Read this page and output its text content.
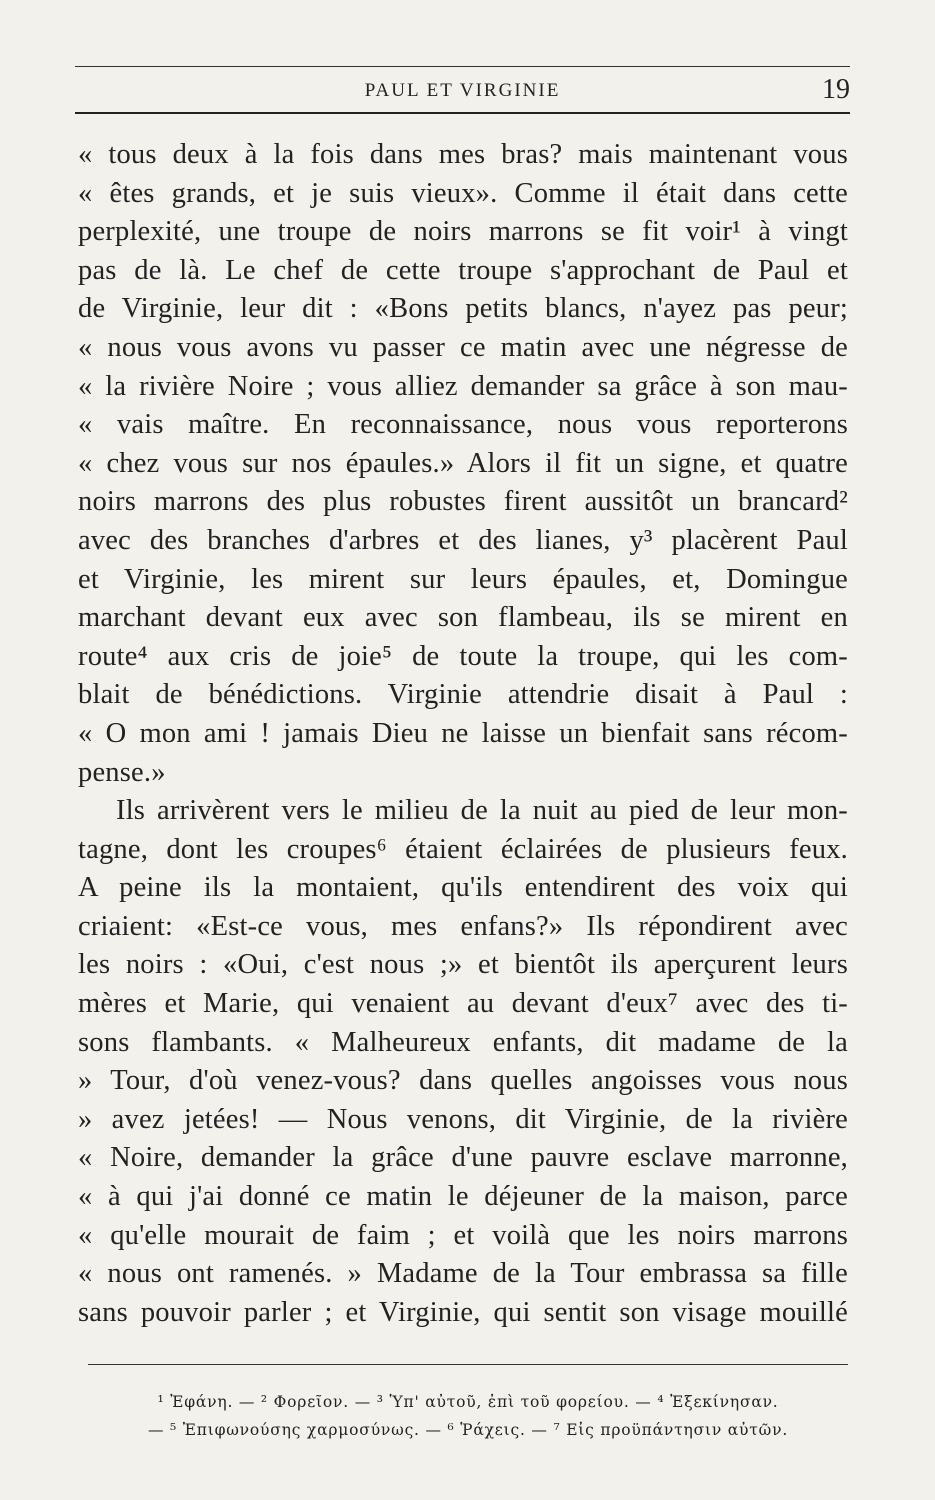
PAUL ET VIRGINIE	19
« tous deux à la fois dans mes bras? mais maintenant vous
« êtes grands, et je suis vieux». Comme il était dans cette
perplexité, une troupe de noirs marrons se fit voir¹ à vingt
pas de là. Le chef de cette troupe s'approchant de Paul et
de Virginie, leur dit : «Bons petits blancs, n'ayez pas peur;
« nous vous avons vu passer ce matin avec une négresse de
« la rivière Noire ; vous alliez demander sa grâce à son mau-
« vais maître. En reconnaissance, nous vous reporterons
« chez vous sur nos épaules.» Alors il fit un signe, et quatre
noirs marrons des plus robustes firent aussitôt un brancard²
avec des branches d'arbres et des lianes, y³ placèrent Paul
et Virginie, les mirent sur leurs épaules, et, Domingue
marchant devant eux avec son flambeau, ils se mirent en
route⁴ aux cris de joie⁵ de toute la troupe, qui les com-
blait de bénédictions. Virginie attendrie disait à Paul :
« O mon ami ! jamais Dieu ne laisse un bienfait sans récom-
pense.»
Ils arrivèrent vers le milieu de la nuit au pied de leur mon-
tagne, dont les croupes⁶ étaient éclairées de plusieurs feux.
A peine ils la montaient, qu'ils entendirent des voix qui
criaient: «Est-ce vous, mes enfans?» Ils répondirent avec
les noirs : «Oui, c'est nous ;» et bientôt ils aperçurent leurs
mères et Marie, qui venaient au devant d'eux⁷ avec des ti-
sons flambants. « Malheureux enfants, dit madame de la
» Tour, d'où venez-vous? dans quelles angoisses vous nous
» avez jetées! — Nous venons, dit Virginie, de la rivière
« Noire, demander la grâce d'une pauvre esclave marronne,
« à qui j'ai donné ce matin le déjeuner de la maison, parce
« qu'elle mourait de faim ; et voilà que les noirs marrons
« nous ont ramenés. » Madame de la Tour embrassa sa fille
sans pouvoir parler ; et Virginie, qui sentit son visage mouillé
¹ Ἐφάνη. — ² Φορεῖον. — ³ Ὑπ' αὐτοῦ, ἐπὶ τοῦ φορείου. — ⁴ Ἐξεκίνησαν.
— ⁵ Ἐπιφωνούσης χαρμοσύνως. — ⁶ Ῥάχεις. — ⁷ Εἰς προϋπάντησιν αὐτῶν.
